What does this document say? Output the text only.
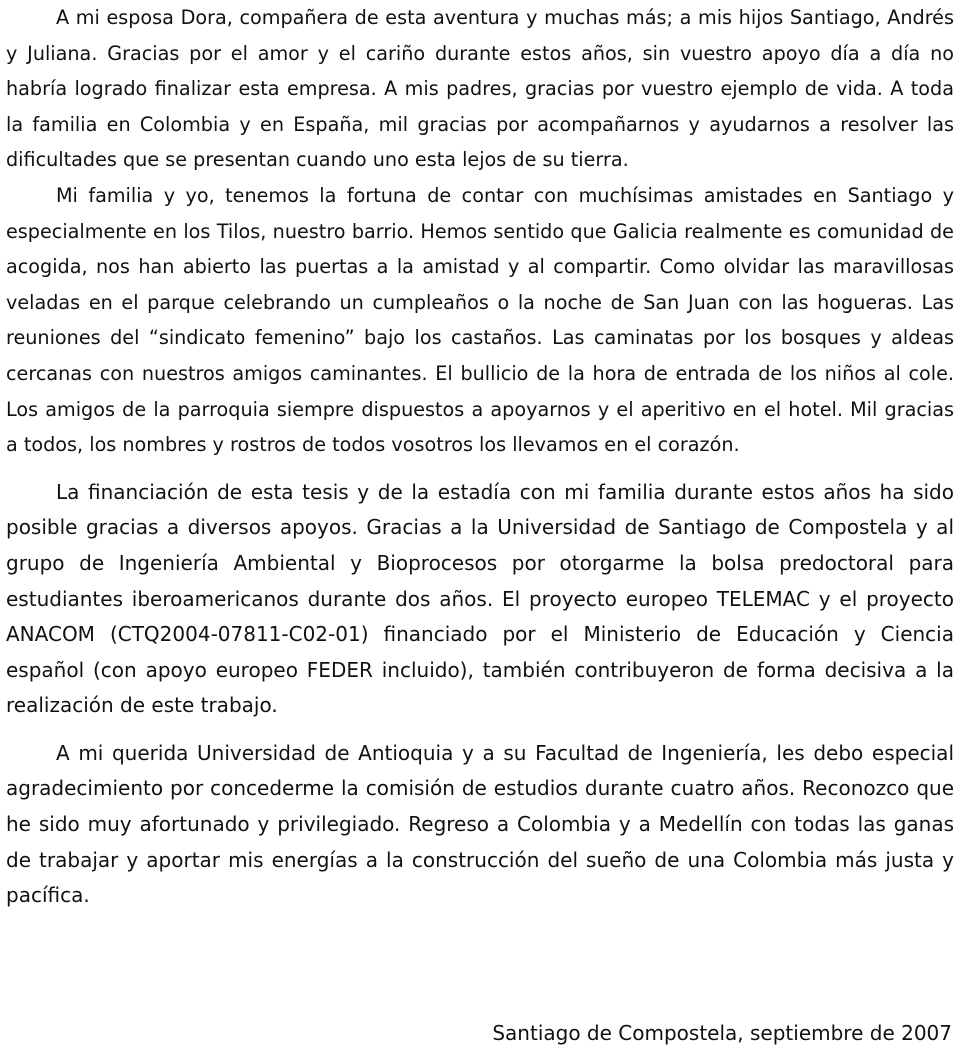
A mi esposa Dora, compañera de esta aventura y muchas más; a mis hijos Santiago, Andrés y Juliana. Gracias por el amor y el cariño durante estos años, sin vuestro apoyo día a día no habría logrado finalizar esta empresa. A mis padres, gracias por vuestro ejemplo de vida. A toda la familia en Colombia y en España, mil gracias por acompañarnos y ayudarnos a resolver las dificultades que se presentan cuando uno esta lejos de su tierra.

Mi familia y yo, tenemos la fortuna de contar con muchísimas amistades en Santiago y especialmente en los Tilos, nuestro barrio. Hemos sentido que Galicia realmente es comunidad de acogida, nos han abierto las puertas a la amistad y al compartir. Como olvidar las maravillosas veladas en el parque celebrando un cumpleaños o la noche de San Juan con las hogueras. Las reuniones del “sindicato femenino” bajo los castaños. Las caminatas por los bosques y aldeas cercanas con nuestros amigos caminantes. El bullicio de la hora de entrada de los niños al cole. Los amigos de la parroquia siempre dispuestos a apoyarnos y el aperitivo en el hotel. Mil gracias a todos, los nombres y rostros de todos vosotros los llevamos en el corazón.

La financiación de esta tesis y de la estadía con mi familia durante estos años ha sido posible gracias a diversos apoyos. Gracias a la Universidad de Santiago de Compostela y al grupo de Ingeniería Ambiental y Bioprocesos por otorgarme la bolsa predoctoral para estudiantes iberoamericanos durante dos años. El proyecto europeo TELEMAC y el proyecto ANACOM (CTQ2004-07811-C02-01) financiado por el Ministerio de Educación y Ciencia español (con apoyo europeo FEDER incluido), también contribuyeron de forma decisiva a la realización de este trabajo.

A mi querida Universidad de Antioquia y a su Facultad de Ingeniería, les debo especial agradecimiento por concederme la comisión de estudios durante cuatro años. Reconozco que he sido muy afortunado y privilegiado. Regreso a Colombia y a Medellín con todas las ganas de trabajar y aportar mis energías a la construcción del sueño de una Colombia más justa y pacífica.

Santiago de Compostela, septiembre de 2007
